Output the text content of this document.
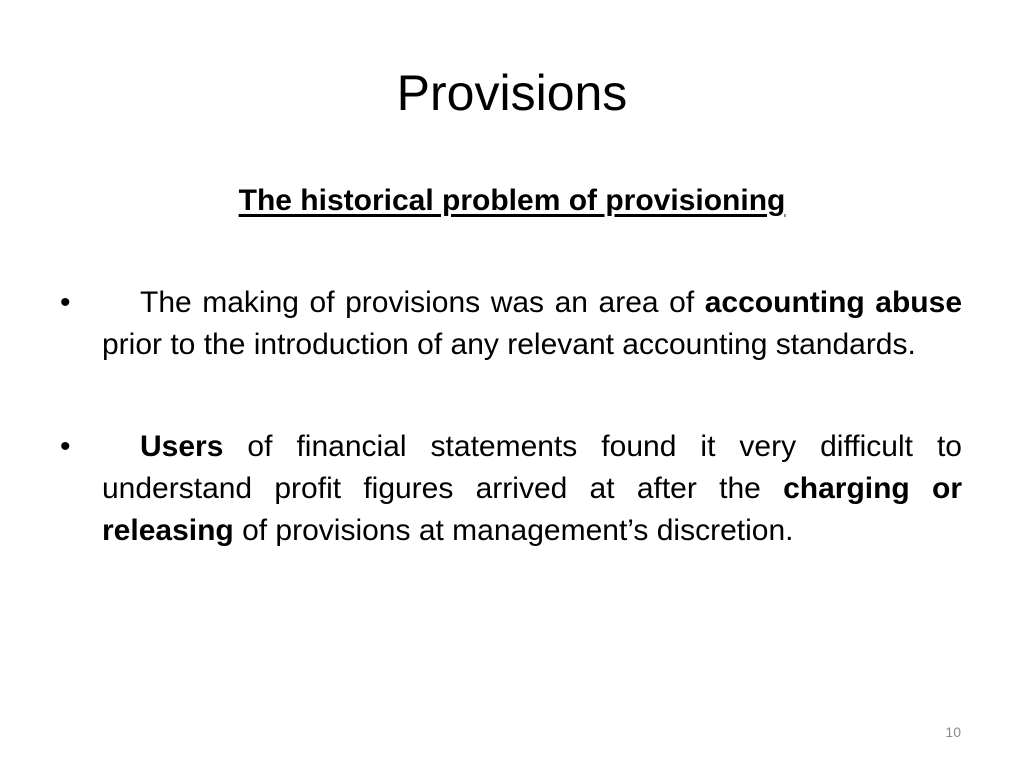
Provisions
The historical problem of provisioning
•	The making of provisions was an area of accounting abuse prior to the introduction of any relevant accounting standards.
•	Users of financial statements found it very difficult to understand profit figures arrived at after the charging or releasing of provisions at management’s discretion.
10
